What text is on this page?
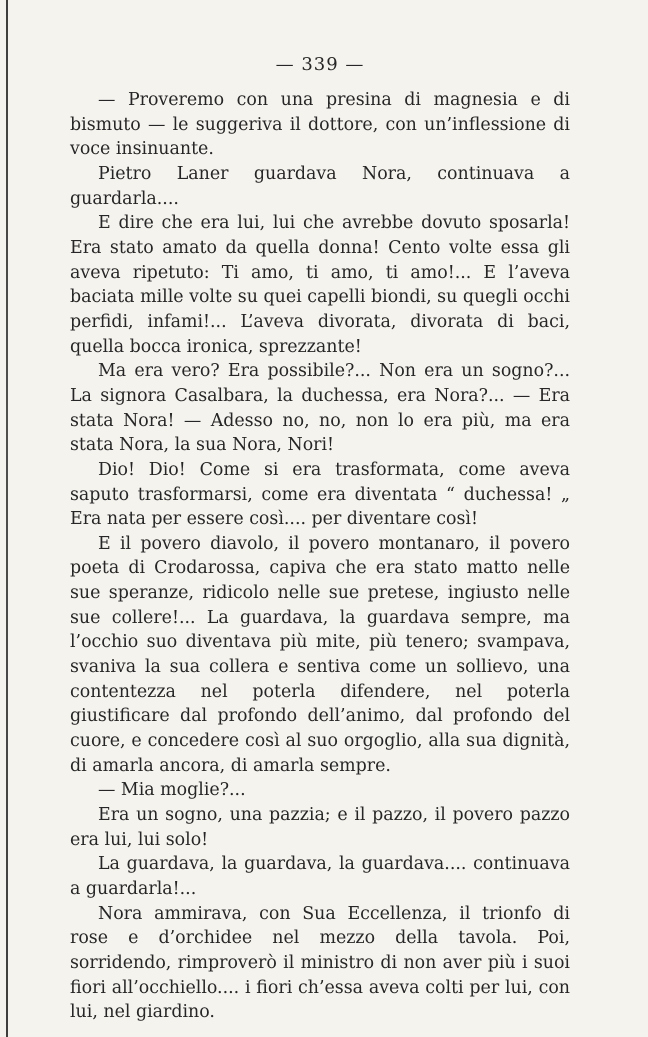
— 339 —

— Proveremo con una presina di magnesia e di bismuto — le suggeriva il dottore, con un’inflessione di voce insinuante.

Pietro Laner guardava Nora, continuava a guardarla....

E dire che era lui, lui che avrebbe dovuto sposarla! Era stato amato da quella donna! Cento volte essa gli aveva ripetuto: Ti amo, ti amo, ti amo!... E l’aveva baciata mille volte su quei capelli biondi, su quegli occhi perfidi, infami!... L’aveva divorata, divorata di baci, quella bocca ironica, sprezzante!

Ma era vero? Era possibile?... Non era un sogno?... La signora Casalbara, la duchessa, era Nora?... — Era stata Nora! — Adesso no, no, non lo era più, ma era stata Nora, la sua Nora, Nori!

Dio! Dio! Come si era trasformata, come aveva saputo trasformarsi, come era diventata “ duchessa! „ Era nata per essere così.... per diventare così!

E il povero diavolo, il povero montanaro, il povero poeta di Crodarossa, capiva che era stato matto nelle sue speranze, ridicolo nelle sue pretese, ingiusto nelle sue collere!... La guardava, la guardava sempre, ma l’occhio suo diventava più mite, più tenero; svampava, svaniva la sua collera e sentiva come un sollievo, una contentezza nel poterla difendere, nel poterla giustificare dal profondo dell’animo, dal profondo del cuore, e concedere così al suo orgoglio, alla sua dignità, di amarla ancora, di amarla sempre.

— Mia moglie?...

Era un sogno, una pazzia; e il pazzo, il povero pazzo era lui, lui solo!

La guardava, la guardava, la guardava.... continuava a guardarla!...

Nora ammirava, con Sua Eccellenza, il trionfo di rose e d’orchidee nel mezzo della tavola. Poi, sorridendo, rimproverò il ministro di non aver più i suoi fiori all’occhiello.... i fiori ch’essa aveva colti per lui, con lui, nel giardino.
